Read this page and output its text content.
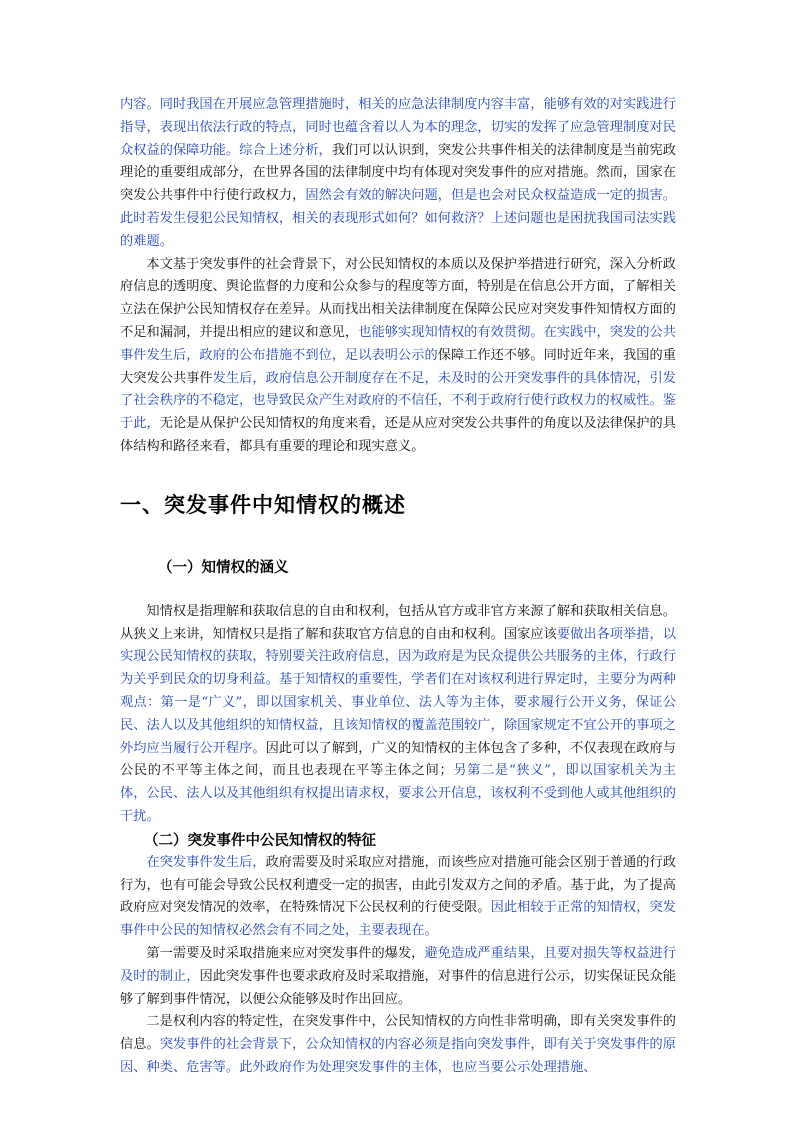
内容。同时我国在开展应急管理措施时，相关的应急法律制度内容丰富，能够有效的对实践进行指导，表现出依法行政的特点，同时也蕴含着以人为本的理念，切实的发挥了应急管理制度对民众权益的保障功能。综合上述分析，我们可以认识到，突发公共事件相关的法律制度是当前宪政理论的重要组成部分，在世界各国的法律制度中均有体现对突发事件的应对措施。然而，国家在突发公共事件中行使行政权力，固然会有效的解决问题，但是也会对民众权益造成一定的损害。此时若发生侵犯公民知情权，相关的表现形式如何？如何救济？上述问题也是困扰我国司法实践的难题。

本文基于突发事件的社会背景下，对公民知情权的本质以及保护举措进行研究，深入分析政府信息的透明度、舆论监督的力度和公众参与的程度等方面，特别是在信息公开方面，了解相关立法在保护公民知情权存在差异。从而找出相关法律制度在保障公民应对突发事件知情权方面的不足和漏洞，并提出相应的建议和意见，也能够实现知情权的有效贯彻。在实践中，突发的公共事件发生后，政府的公布措施不到位，足以表明公示的保障工作还不够。同时近年来，我国的重大突发公共事件发生后，政府信息公开制度存在不足，未及时的公开突发事件的具体情况，引发了社会秩序的不稳定，也导致民众产生对政府的不信任，不利于政府行使行政权力的权威性。鉴于此，无论是从保护公民知情权的角度来看，还是从应对突发公共事件的角度以及法律保护的具体结构和路径来看，都具有重要的理论和现实意义。

一、突发事件中知情权的概述
（一）知情权的涵义

知情权是指理解和获取信息的自由和权利，包括从官方或非官方来源了解和获取相关信息。从狭义上来讲，知情权只是指了解和获取官方信息的自由和权利。国家应该要做出各项举措，以实现公民知情权的获取，特别要关注政府信息，因为政府是为民众提供公共服务的主体，行政行为关乎到民众的切身利益。基于知情权的重要性，学者们在对该权利进行界定时，主要分为两种观点：第一是“广义”，即以国家机关、事业单位、法人等为主体，要求履行公开义务，保证公民、法人以及其他组织的知情权益，且该知情权的覆盖范围较广，除国家规定不宜公开的事项之外均应当履行公开程序。因此可以了解到，广义的知情权的主体包含了多种，不仅表现在政府与公民的不平等主体之间，而且也表现在平等主体之间；另第二是“狭义”，即以国家机关为主体，公民、法人以及其他组织有权提出请求权，要求公开信息，该权利不受到他人或其他组织的干扰。

（二）突发事件中公民知情权的特征

在突发事件发生后，政府需要及时采取应对措施，而该些应对措施可能会区别于普通的行政行为，也有可能会导致公民权利遭受一定的损害，由此引发双方之间的矛盾。基于此，为了提高政府应对突发情况的效率，在特殊情况下公民权利的行使受限。因此相较于正常的知情权，突发事件中公民的知情权必然会有不同之处，主要表现在。

第一需要及时采取措施来应对突发事件的爆发，避免造成严重结果，且要对损失等权益进行及时的制止，因此突发事件也要求政府及时采取措施，对事件的信息进行公示，切实保证民众能够了解到事件情况，以便公众能够及时作出回应。

二是权利内容的特定性，在突发事件中，公民知情权的方向性非常明确，即有关突发事件的信息。突发事件的社会背景下，公众知情权的内容必须是指向突发事件，即有关于突发事件的原因、种类、危害等。此外政府作为处理突发事件的主体，也应当要公示处理措施、
